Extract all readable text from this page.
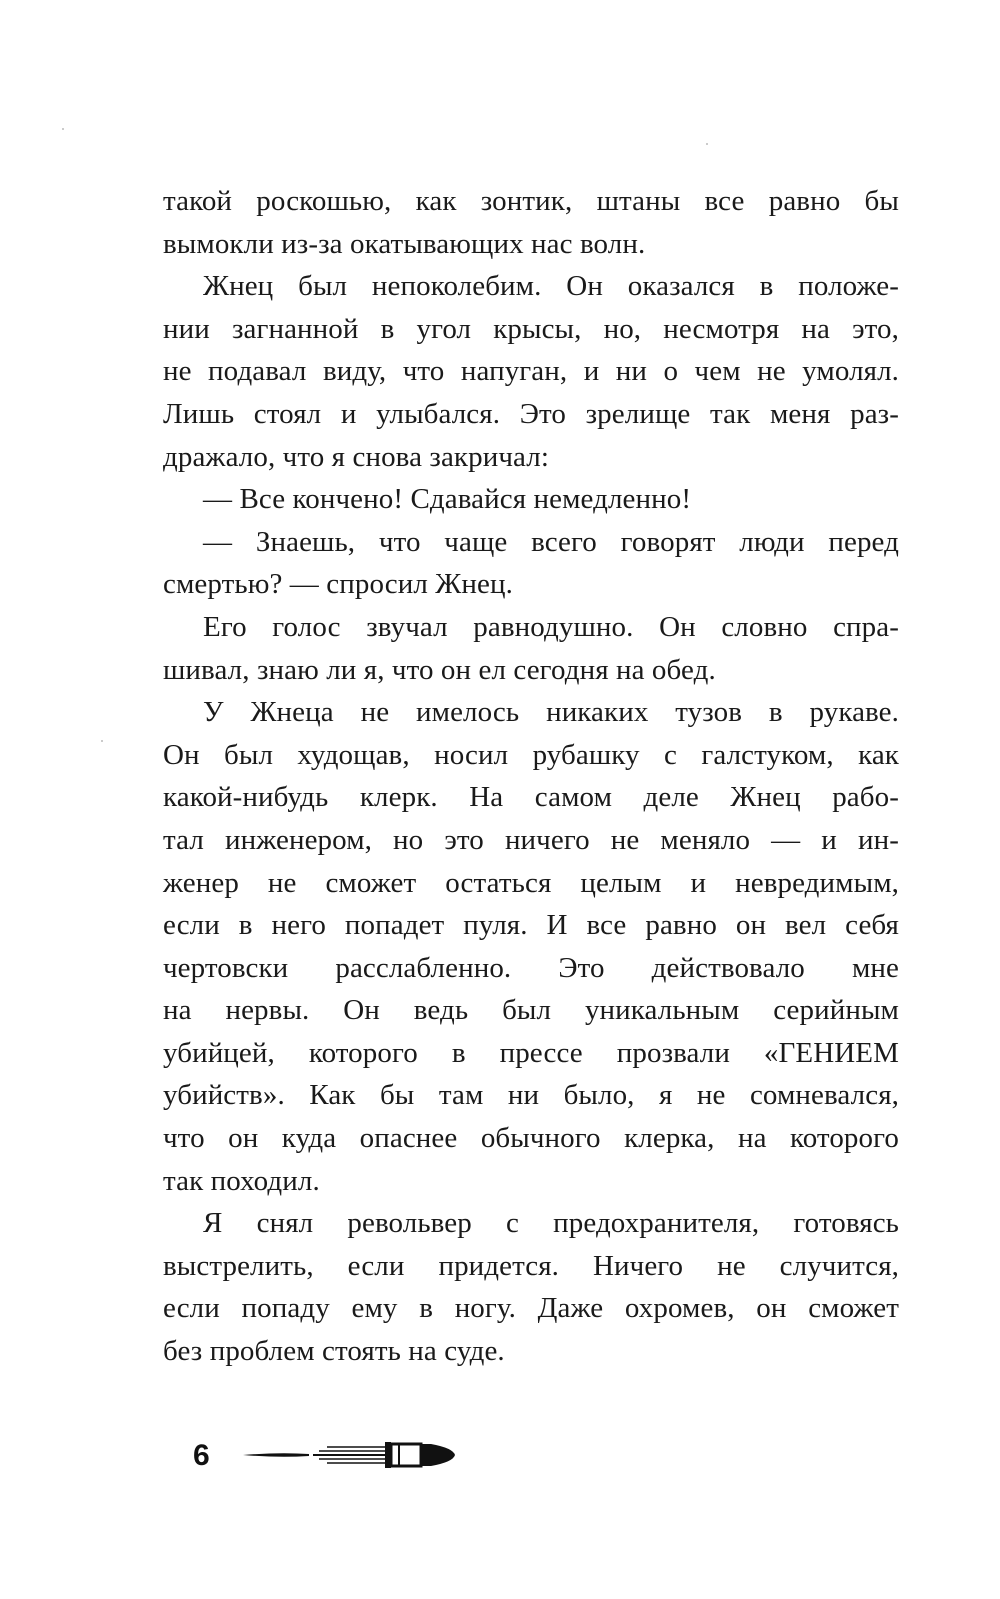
такой роскошью, как зонтик, штаны все равно бы
вымокли из-за окатывающих нас волн.
Жнец был непоколебим. Он оказался в положе-
нии загнанной в угол крысы, но, несмотря на это,
не подавал виду, что напуган, и ни о чем не умолял.
Лишь стоял и улыбался. Это зрелище так меня раз-
дражало, что я снова закричал:
— Все кончено! Сдавайся немедленно!
— Знаешь, что чаще всего говорят люди перед
смертью? — спросил Жнец.
Его голос звучал равнодушно. Он словно спра-
шивал, знаю ли я, что он ел сегодня на обед.
У Жнеца не имелось никаких тузов в рукаве.
Он был худощав, носил рубашку с галстуком, как
какой-нибудь клерк. На самом деле Жнец рабо-
тал инженером, но это ничего не меняло — и ин-
женер не сможет остаться целым и невредимым,
если в него попадет пуля. И все равно он вел себя
чертовски расслабленно. Это действовало мне
на нервы. Он ведь был уникальным серийным
убийцей, которого в прессе прозвали «ГЕНИЕМ
убийств». Как бы там ни было, я не сомневался,
что он куда опаснее обычного клерка, на которого
так походил.
Я снял револьвер с предохранителя, готовясь
выстрелить, если придется. Ничего не случится,
если попаду ему в ногу. Даже охромев, он сможет
без проблем стоять на суде.
6
